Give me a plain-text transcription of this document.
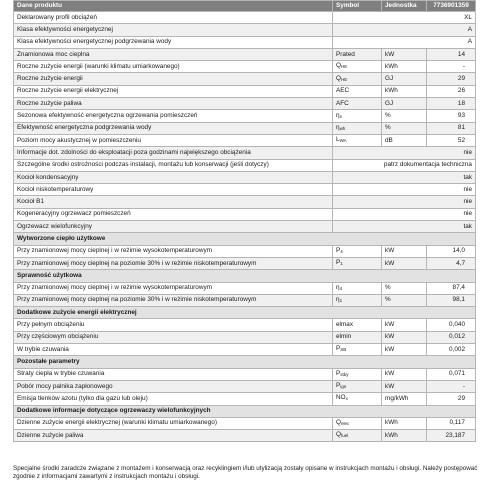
Dane produktu	Symbol	Jednostka	7736901359
Deklarowany profil obciążeń	XL		
Klasa efektywności energetycznej	A		
Klasa efektywności energetycznej podgrzewania wody	A		
Znamionowa moc cieplna	Prated	kW	14
Roczne zużycie energii (warunki klimatu umiarkowanego)	$Q_{HE}$	kWh	-
Roczne zużycie energii	$Q_{HE}$	GJ	29
Roczne zużycie energii elektrycznej	AEC	kWh	26
Roczne zużycie paliwa	AFC	GJ	18
Sezonowa efektywność energetyczna ogrzewania pomieszczeń	$\eta_s$	%	93
Efektywność energetyczna podgrzewania wody	$\eta_{wh}$	%	81
Poziom mocy akustycznej w pomieszczeniu	$L_{WA}$	dB	52
Informacje dot. zdolności do eksploatacji poza godzinami największego obciążenia	nie		
Szczególne środki ostrożności podczas instalacji, montażu lub konserwacji (jeśli dotyczy)	patrz dokumentacja techniczna		
Kocioł kondensacyjny	tak		
Kocioł niskotemperaturowy	nie		
Kocioł B1	nie		
Kogeneracyjny ogrzewacz pomieszczeń	nie		
Ogrzewacz wielofunkcyjny	tak		
Wytworzone ciepło użytkowe			
Przy znamionowej mocy cieplnej i w reżimie wysokotemperaturowym	$P_4$	kW	14,0
Przy znamionowej mocy cieplnej na poziomie 30% i w reżimie niskotemperaturowym	$P_1$	kW	4,7
Sprawność użytkowa			
Przy znamionowej mocy cieplnej i w reżimie wysokotemperaturowym	$\eta_4$	%	87,4
Przy znamionowej mocy cieplnej na poziomie 30% i w reżimie niskotemperaturowym	$\eta_1$	%	98,1
Dodatkowe zużycie energii elektrycznej			
Przy pełnym obciążeniu	elmax	kW	0,040
Przy częściowym obciążeniu	elmin	kW	0,012
W trybie czuwania	$P_{SB}$	kW	0,002
Pozostałe parametry			
Straty ciepła w trybie czuwania	$P_{stby}$	kW	0,071
Pobór mocy palnika zapłonowego	$P_{ign}$	kW	-
Emisja tlenków azotu (tylko dla gazu lub oleju)	$NO_x$	mg/kWh	29
Dodatkowe informacje dotyczące ogrzewaczy wielofunkcyjnych			
Dzienne zużycie energii elektrycznej (warunki klimatu umiarkowanego)	$Q_{elec}$	kWh	0,117
Dzienne zużycie paliwa	$Q_{fuel}$	kWh	23,187

Specjalne środki zaradcze związane z montażem i konserwacją oraz recyklingiem i/lub utylizacją zostały opisane w instrukcjach montażu i obsługi. Należy postępować zgodnie z informacjami zawartymi z instrukcjach montażu i obsługi.
